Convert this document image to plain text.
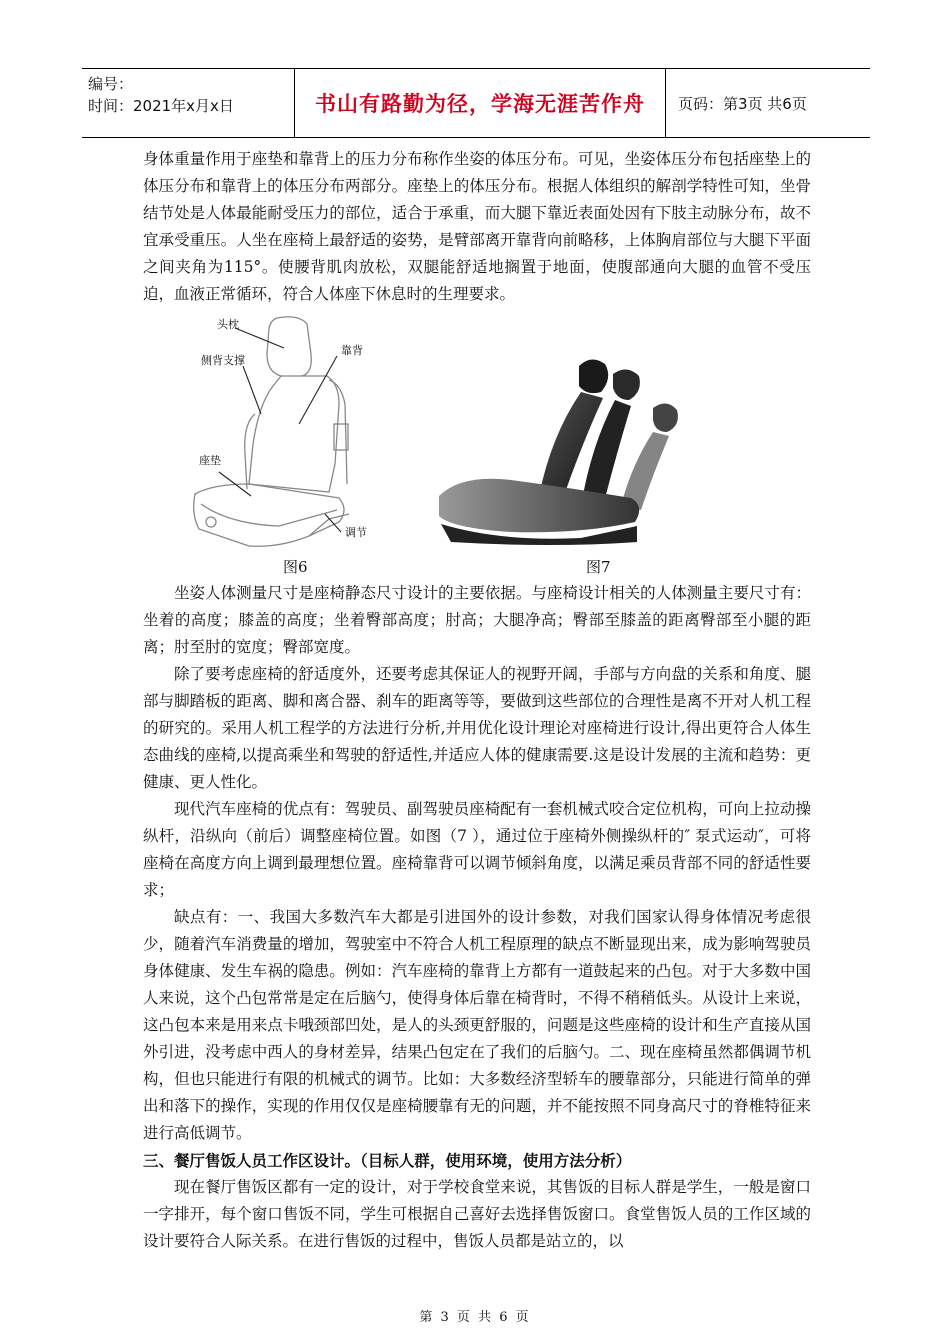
编号：
时间：2021年x月x日	书山有路勤为径，学海无涯苦作舟	页码：第3页 共6页

身体重量作用于座垫和靠背上的压力分布称作坐姿的体压分布。可见，坐姿体压分布包括座垫上的体压分布和靠背上的体压分布两部分。座垫上的体压分布。根据人体组织的解剖学特性可知，坐骨结节处是人体最能耐受压力的部位，适合于承重，而大腿下靠近表面处因有下肢主动脉分布，故不宜承受重压。人坐在座椅上最舒适的姿势，是臂部离开靠背向前略移，上体胸肩部位与大腿下平面之间夹角为115°。使腰背肌肉放松，双腿能舒适地搁置于地面，使腹部通向大腿的血管不受压迫，血液正常循环，符合人体座下休息时的生理要求。

头枕
侧背支撑
靠背
座垫
调节
图6	图7

坐姿人体测量尺寸是座椅静态尺寸设计的主要依据。与座椅设计相关的人体测量主要尺寸有：坐着的高度；膝盖的高度；坐着臀部高度；肘高；大腿净高；臀部至膝盖的距离臀部至小腿的距离；肘至肘的宽度；臀部宽度。

除了要考虑座椅的舒适度外，还要考虑其保证人的视野开阔，手部与方向盘的关系和角度、腿部与脚踏板的距离、脚和离合器、刹车的距离等等，要做到这些部位的合理性是离不开对人机工程的研究的。采用人机工程学的方法进行分析,并用优化设计理论对座椅进行设计,得出更符合人体生态曲线的座椅,以提高乘坐和驾驶的舒适性,并适应人体的健康需要.这是设计发展的主流和趋势：更健康、更人性化。

现代汽车座椅的优点有：驾驶员、副驾驶员座椅配有一套机械式咬合定位机构，可向上拉动操纵杆，沿纵向（前后）调整座椅位置。如图（7 ），通过位于座椅外侧操纵杆的″ 泵式运动″，可将座椅在高度方向上调到最理想位置。座椅靠背可以调节倾斜角度，以满足乘员背部不同的舒适性要求；

缺点有：一、我国大多数汽车大都是引进国外的设计参数，对我们国家认得身体情况考虑很少，随着汽车消费量的增加，驾驶室中不符合人机工程原理的缺点不断显现出来，成为影响驾驶员身体健康、发生车祸的隐患。例如：汽车座椅的靠背上方都有一道鼓起来的凸包。对于大多数中国人来说，这个凸包常常是定在后脑勺，使得身体后靠在椅背时，不得不稍稍低头。从设计上来说，这凸包本来是用来点卡哦颈部凹处，是人的头颈更舒服的，问题是这些座椅的设计和生产直接从国外引进，没考虑中西人的身材差异，结果凸包定在了我们的后脑勺。二、现在座椅虽然都偶调节机构，但也只能进行有限的机械式的调节。比如：大多数经济型轿车的腰靠部分，只能进行简单的弹出和落下的操作，实现的作用仅仅是座椅腰靠有无的问题，并不能按照不同身高尺寸的脊椎特征来进行高低调节。

三、餐厅售饭人员工作区设计。（目标人群，使用环境，使用方法分析）

现在餐厅售饭区都有一定的设计，对于学校食堂来说，其售饭的目标人群是学生，一般是窗口一字排开，每个窗口售饭不同，学生可根据自己喜好去选择售饭窗口。食堂售饭人员的工作区域的设计要符合人际关系。在进行售饭的过程中，售饭人员都是站立的，以

第 3 页 共 6 页
